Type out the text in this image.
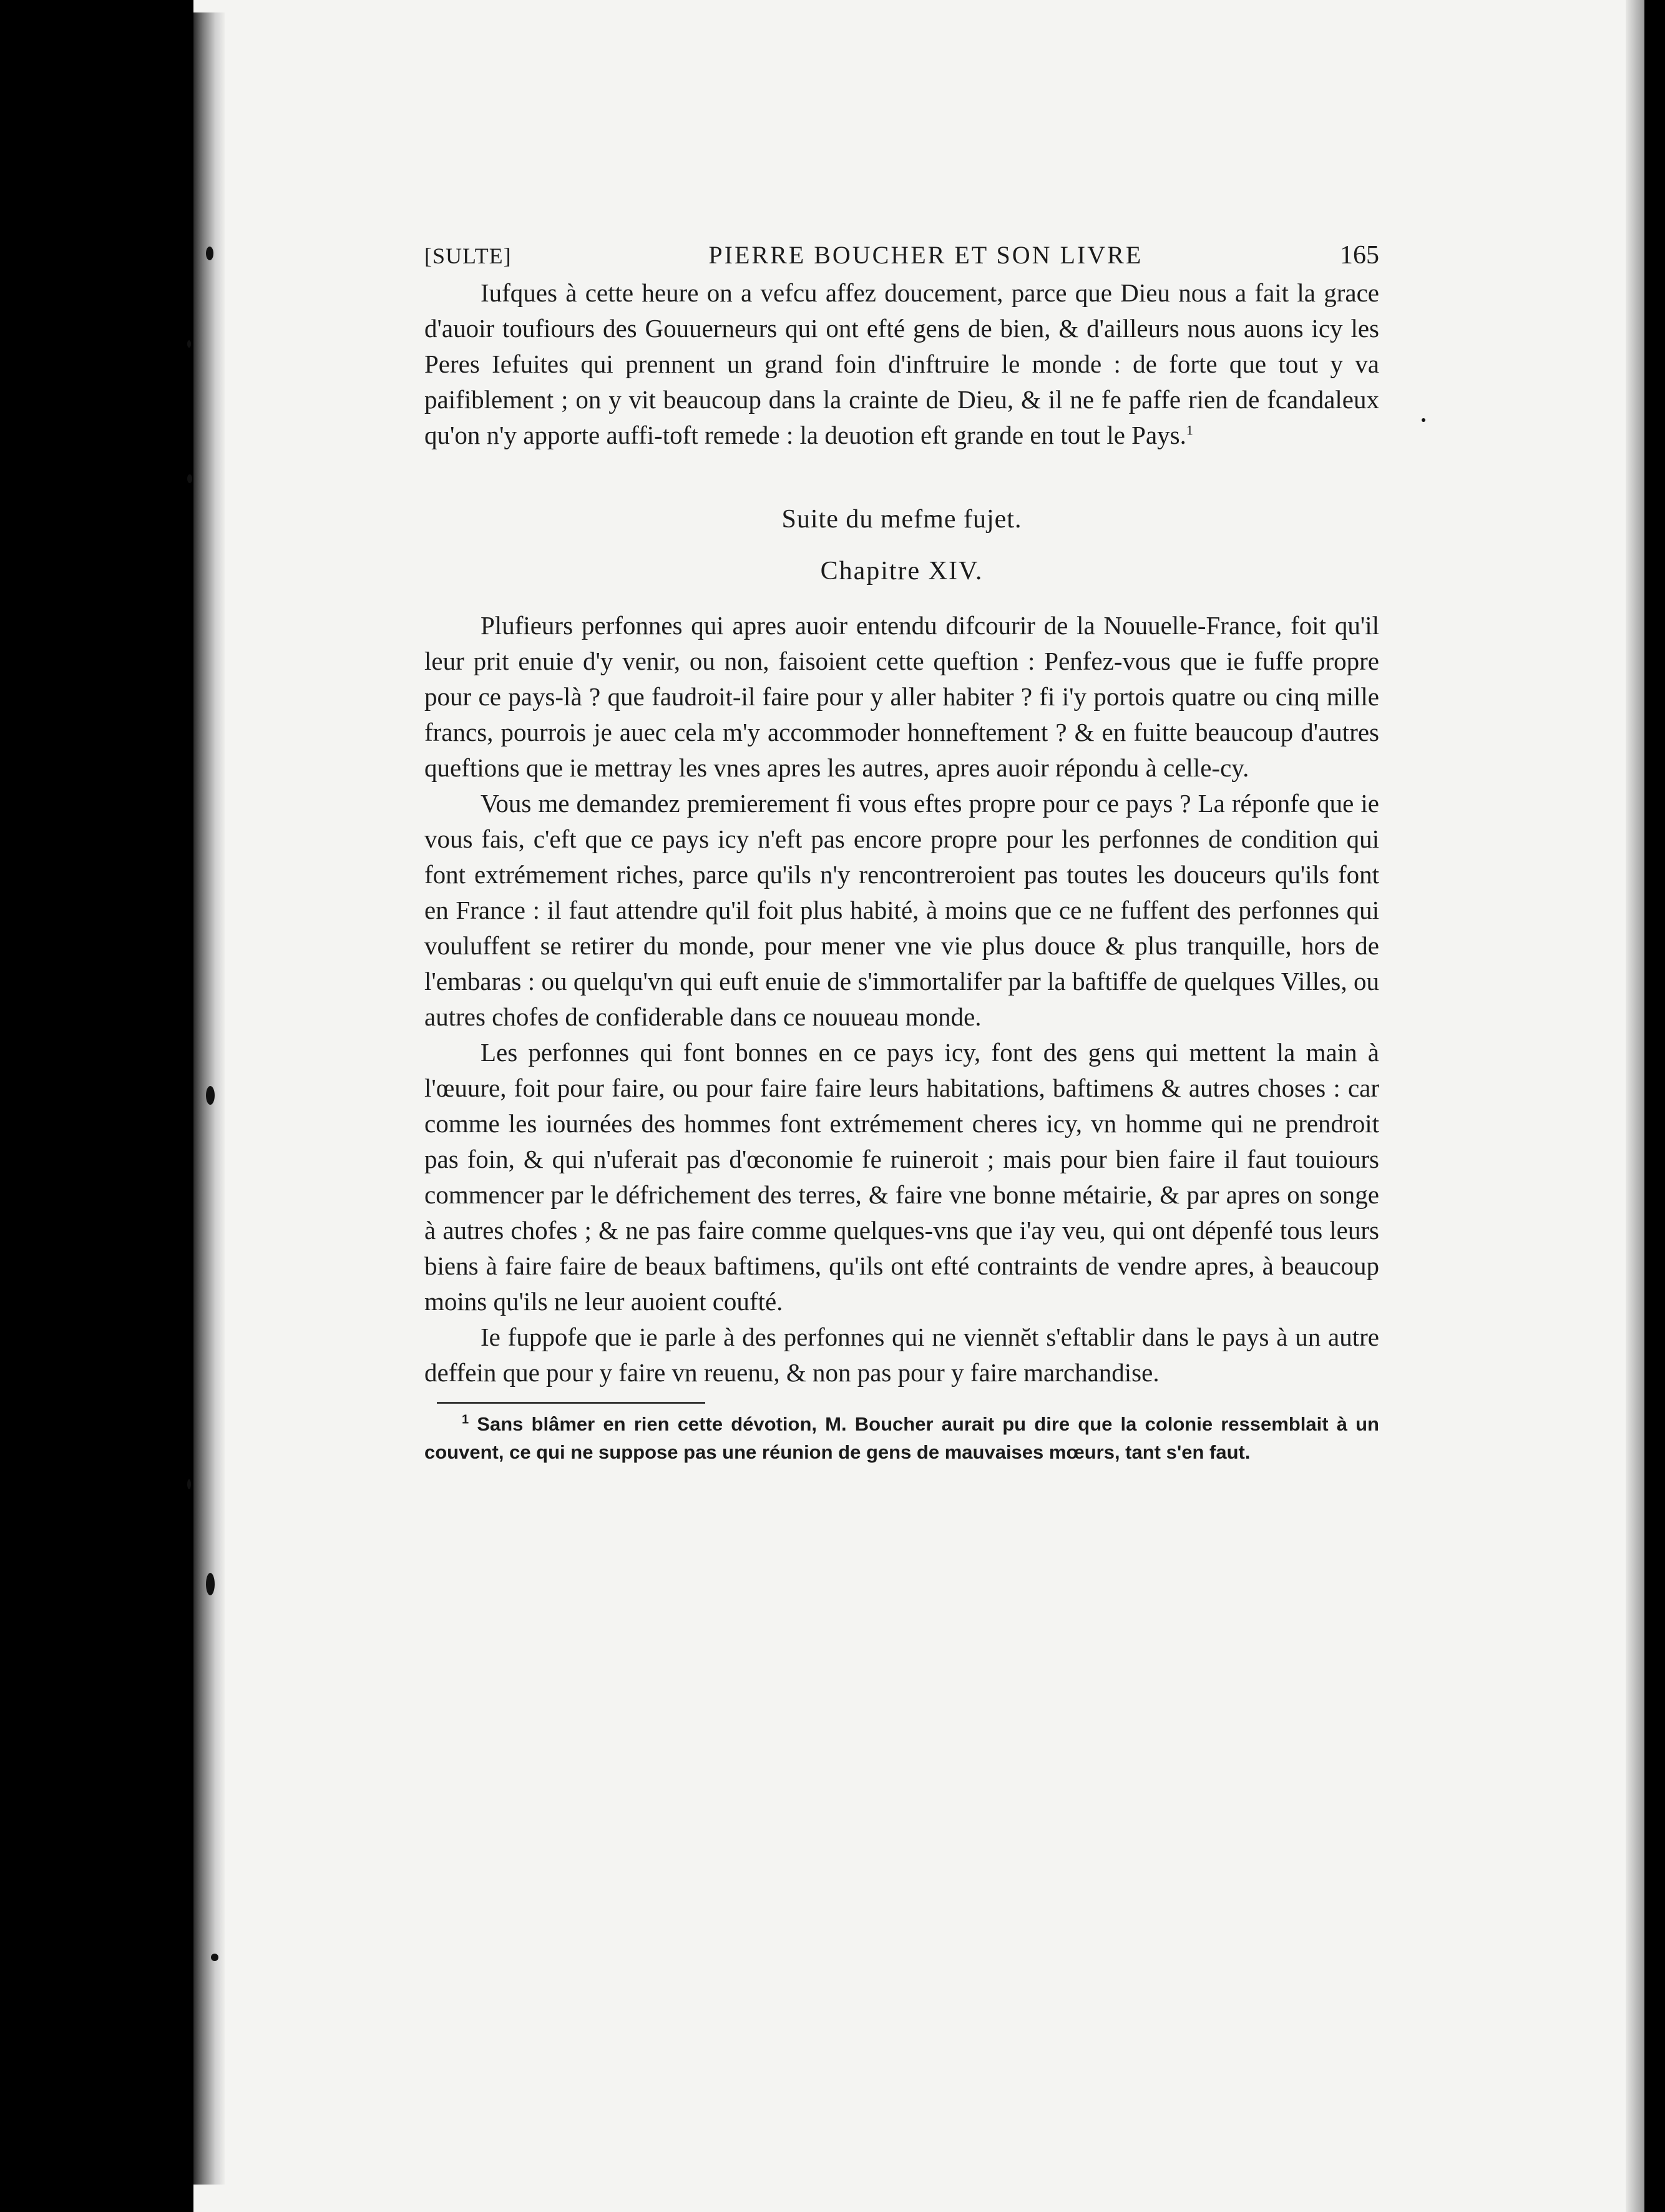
[SULTE]	PIERRE BOUCHER ET SON LIVRE	165

Iufques à cette heure on a vefcu affez doucement, parce que Dieu nous a fait la grace d'auoir toufiours des Gouuerneurs qui ont efté gens de bien, & d'ailleurs nous auons icy les Peres Iefuites qui prennent un grand foin d'inftruire le monde : de forte que tout y va paifiblement ; on y vit beaucoup dans la crainte de Dieu, & il ne fe paffe rien de fcandaleux qu'on n'y apporte auffi-toft remede : la deuotion eft grande en tout le Pays.$^1$

Suite du mefme fujet.
Chapitre XIV.

Plufieurs perfonnes qui apres auoir entendu difcourir de la Nouuelle-France, foit qu'il leur prit enuie d'y venir, ou non, faisoient cette queftion : Penfez-vous que ie fuffe propre pour ce pays-là ? que faudroit-il faire pour y aller habiter ? fi i'y portois quatre ou cinq mille francs, pourrois je auec cela m'y accommoder honneftement ? & en fuitte beaucoup d'autres queftions que ie mettray les vnes apres les autres, apres auoir répondu à celle-cy.

Vous me demandez premierement fi vous eftes propre pour ce pays ? La réponfe que ie vous fais, c'eft que ce pays icy n'eft pas encore propre pour les perfonnes de condition qui font extrémement riches, parce qu'ils n'y rencontreroient pas toutes les douceurs qu'ils font en France : il faut attendre qu'il foit plus habité, à moins que ce ne fuffent des perfonnes qui vouluffent se retirer du monde, pour mener vne vie plus douce & plus tranquille, hors de l'embaras : ou quelqu'vn qui euft enuie de s'immortalifer par la baftiffe de quelques Villes, ou autres chofes de confiderable dans ce nouueau monde.

Les perfonnes qui font bonnes en ce pays icy, font des gens qui mettent la main à l'œuure, foit pour faire, ou pour faire faire leurs habitations, baftimens & autres choses : car comme les iournées des hommes font extrémement cheres icy, vn homme qui ne prendroit pas foin, & qui n'uferait pas d'œconomie fe ruineroit ; mais pour bien faire il faut touiours commencer par le défrichement des terres, & faire vne bonne métairie, & par apres on songe à autres chofes ; & ne pas faire comme quelques-vns que i'ay veu, qui ont dépenfé tous leurs biens à faire faire de beaux baftimens, qu'ils ont efté contraints de vendre apres, à beaucoup moins qu'ils ne leur auoient coufté.

Ie fuppofe que ie parle à des perfonnes qui ne viennĕt s'eftablir dans le pays à un autre deffein que pour y faire vn reuenu, & non pas pour y faire marchandise.

$^1$ Sans blâmer en rien cette dévotion, M. Boucher aurait pu dire que la colonie ressemblait à un couvent, ce qui ne suppose pas une réunion de gens de mauvaises mœurs, tant s'en faut.
